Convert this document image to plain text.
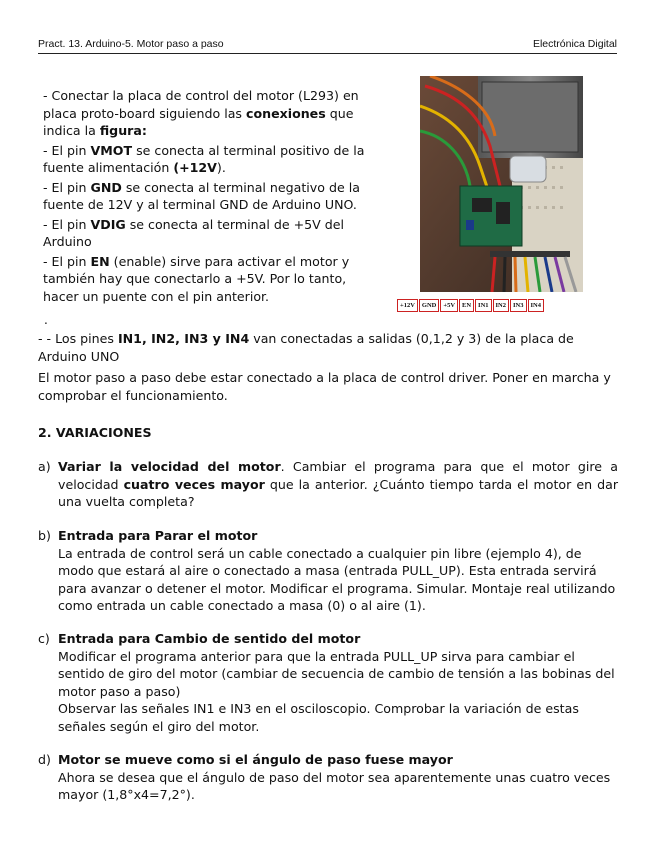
Pract. 13. Arduino-5. Motor paso a paso	Electrónica Digital

- Conectar la placa de control del motor (L293) en placa proto-board siguiendo las conexiones que indica la figura:

- El pin VMOT se conecta al terminal positivo de la fuente alimentación (+12V).

- El pin GND se conecta al terminal negativo de la fuente de 12V y al terminal GND de Arduino UNO.

- El pin VDIG se conecta al terminal de +5V del Arduino

- El pin EN (enable) sirve para activar el motor y también hay que conectarlo a +5V. Por lo tanto, hacer un puente con el pin anterior.

.
+12V	GND	+5V	EN	IN1	IN2	IN3	IN4

- - Los pines IN1, IN2, IN3 y IN4 van conectadas a salidas (0,1,2 y 3) de la placa de Arduino UNO

El motor paso a paso debe estar conectado a la placa de control driver. Poner en marcha y comprobar el funcionamiento.

2. VARIACIONES
a) Variar la velocidad del motor. Cambiar el programa para que el motor gire a velocidad cuatro veces mayor que la anterior. ¿Cuánto tiempo tarda el motor en dar una vuelta completa?

b) Entrada para Parar el motor

La entrada de control será un cable conectado a cualquier pin libre (ejemplo 4), de modo que estará al aire o conectado a masa (entrada PULL_UP). Esta entrada servirá para avanzar o detener el motor. Modificar el programa. Simular. Montaje real utilizando como entrada un cable conectado a masa (0) o al aire (1).

c) Entrada para Cambio de sentido del motor

Modificar el programa anterior para que la entrada PULL_UP sirva para cambiar el sentido de giro del motor (cambiar de secuencia de cambio de tensión a las bobinas del motor paso a paso)

Observar las señales IN1 e IN3 en el osciloscopio. Comprobar la variación de estas señales según el giro del motor.

d) Motor se mueve como si el ángulo de paso fuese mayor

Ahora se desea que el ángulo de paso del motor sea aparentemente unas cuatro veces mayor (1,8°x4=7,2°).
